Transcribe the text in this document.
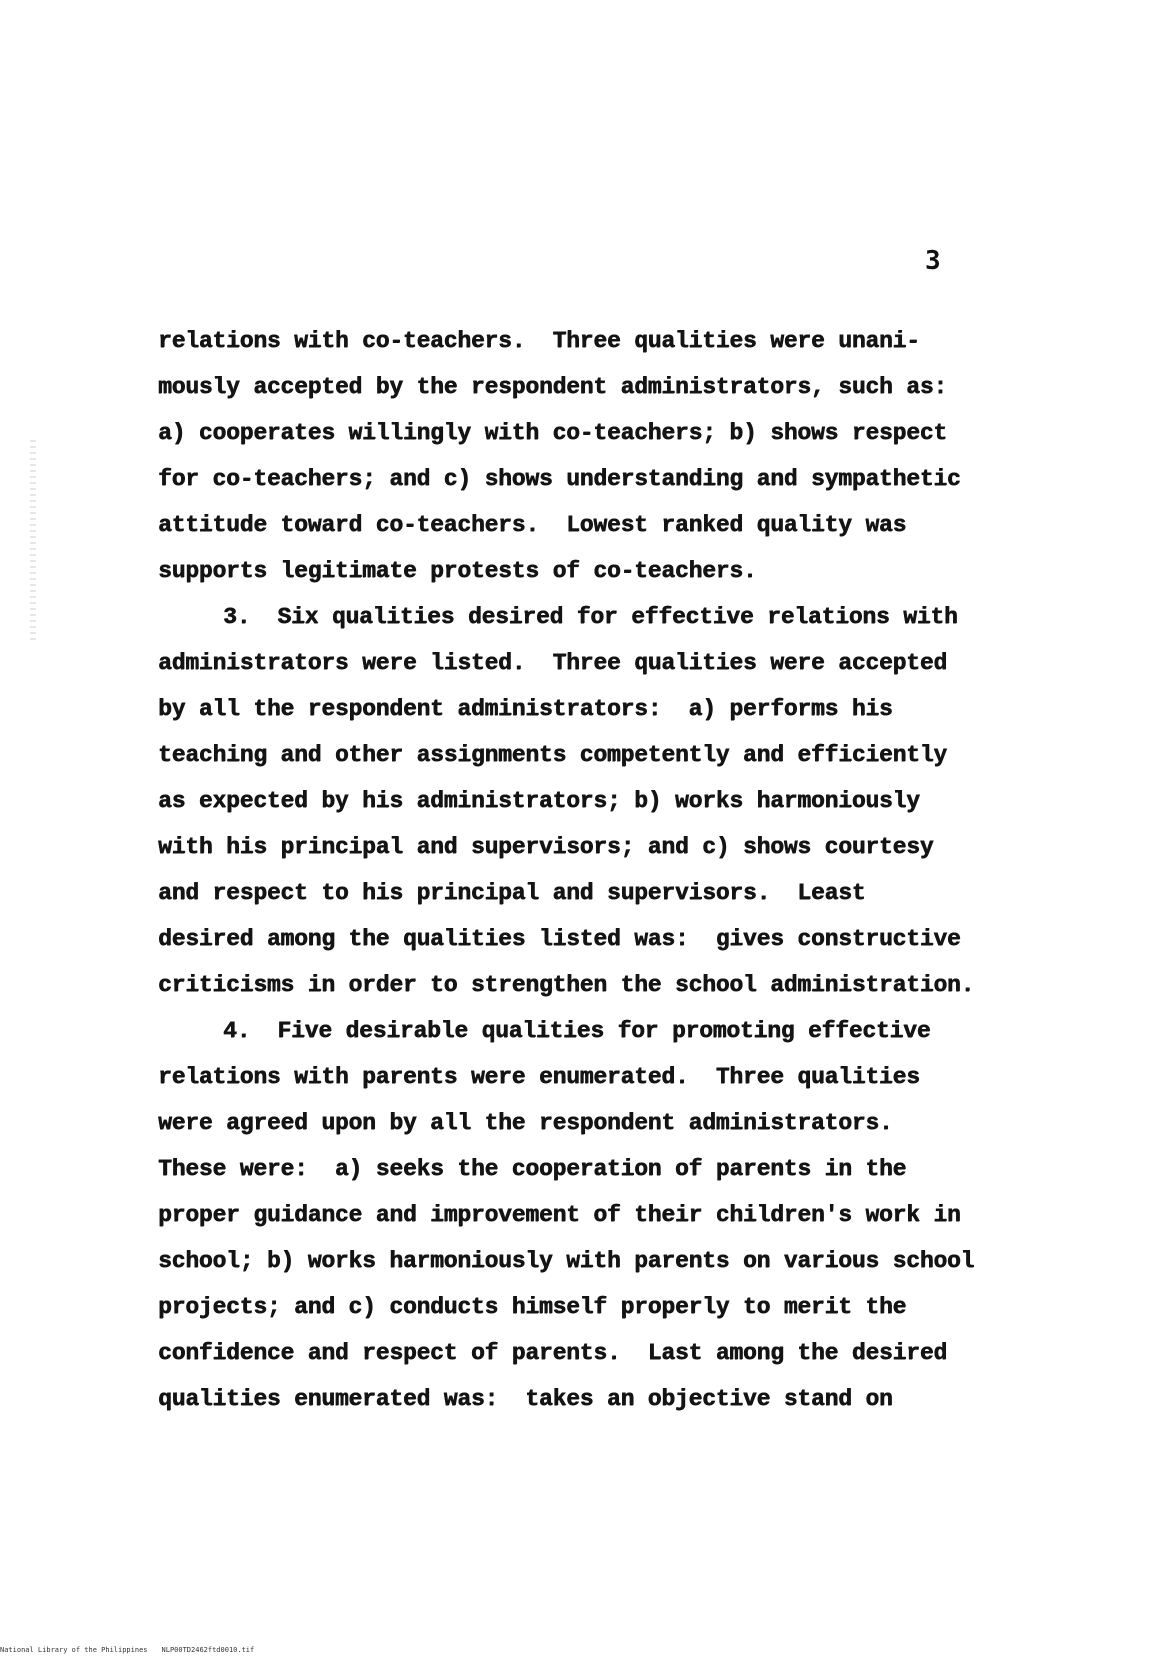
3
relations with co-teachers.  Three qualities were unani-
mously accepted by the respondent administrators, such as:
a) cooperates willingly with co-teachers; b) shows respect
for co-teachers; and c) shows understanding and sympathetic
attitude toward co-teachers.  Lowest ranked quality was
supports legitimate protests of co-teachers.
3.  Six qualities desired for effective relations with
administrators were listed.  Three qualities were accepted
by all the respondent administrators:  a) performs his
teaching and other assignments competently and efficiently
as expected by his administrators; b) works harmoniously
with his principal and supervisors; and c) shows courtesy
and respect to his principal and supervisors.  Least
desired among the qualities listed was:  gives constructive
criticisms in order to strengthen the school administration.
4.  Five desirable qualities for promoting effective
relations with parents were enumerated.  Three qualities
were agreed upon by all the respondent administrators.
These were:  a) seeks the cooperation of parents in the
proper guidance and improvement of their children's work in
school; b) works harmoniously with parents on various school
projects; and c) conducts himself properly to merit the
confidence and respect of parents.  Last among the desired
qualities enumerated was:  takes an objective stand on
National Library of the Philippines NLP00TD2462ftd0010.tif
